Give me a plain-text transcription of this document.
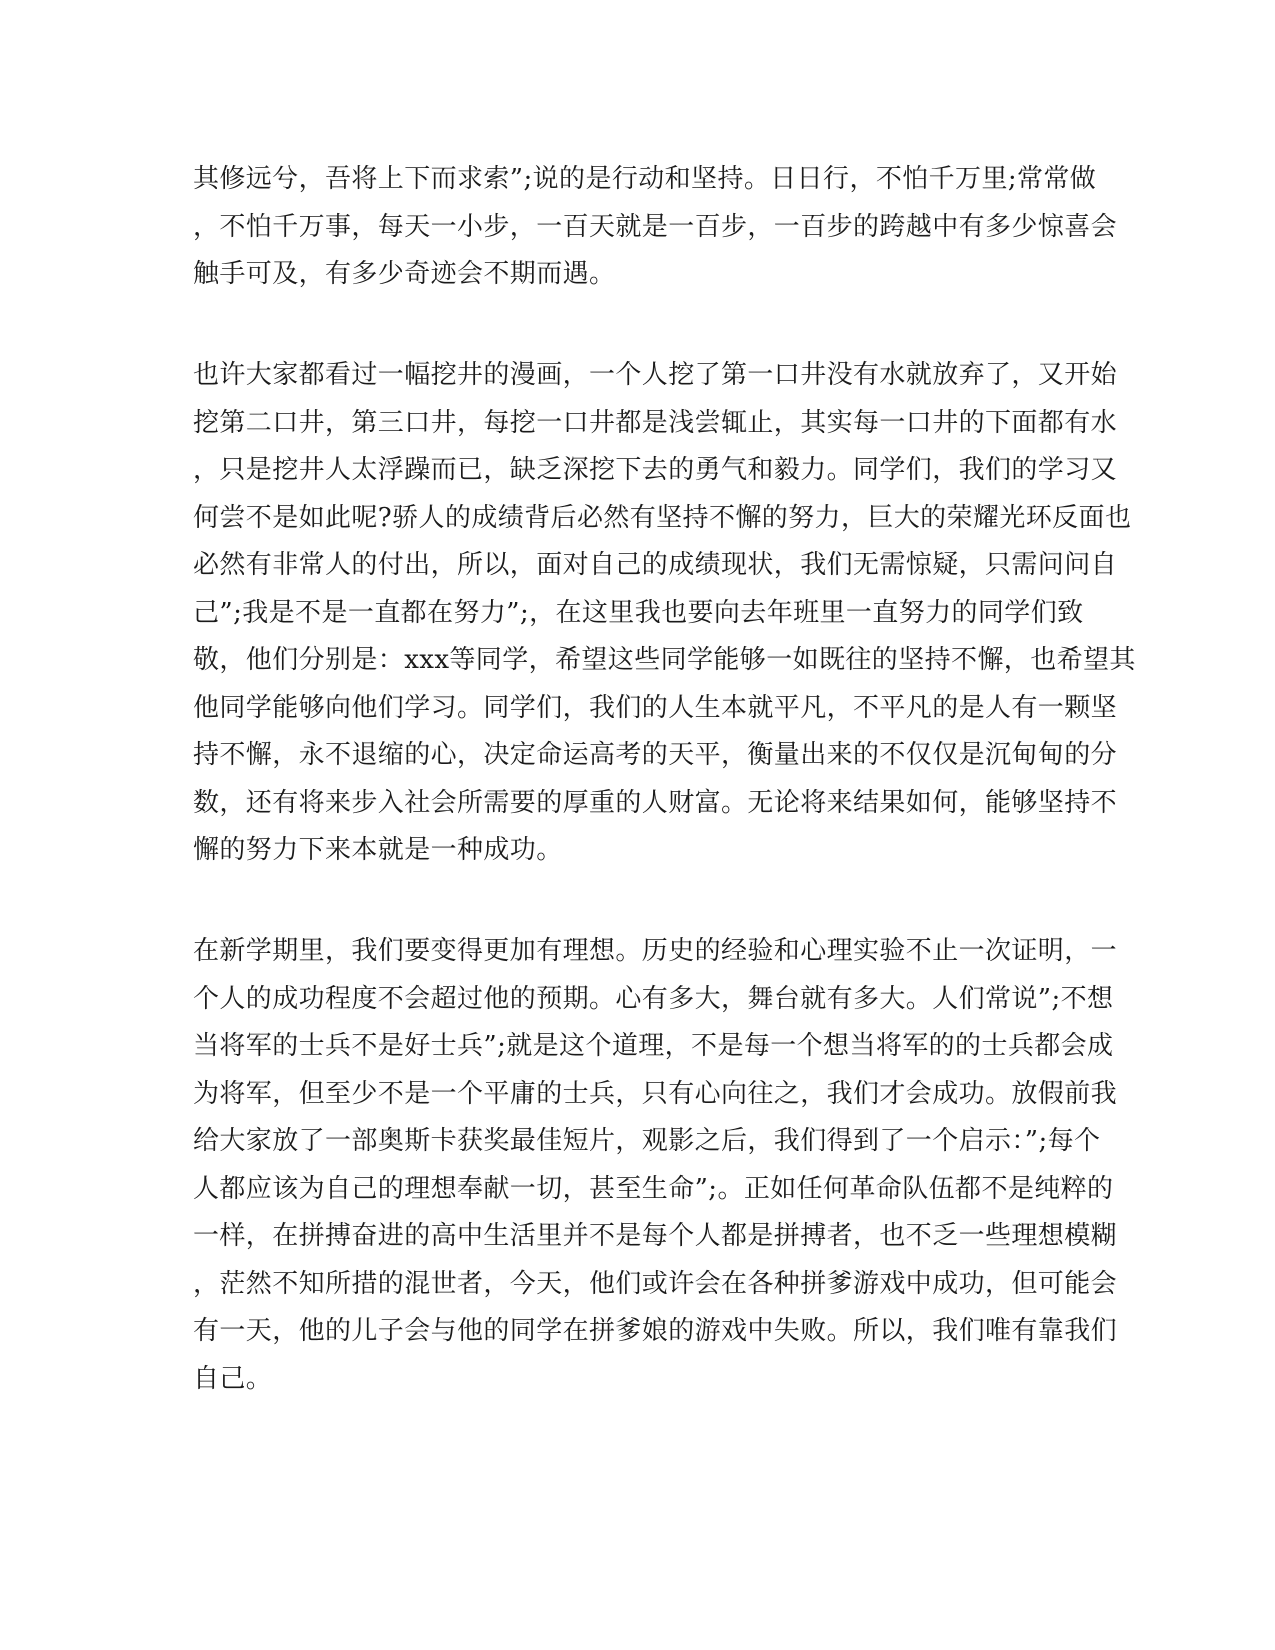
其修远兮，吾将上下而求索”;说的是行动和坚持。日日行，不怕千万里;常常做
，不怕千万事，每天一小步，一百天就是一百步，一百步的跨越中有多少惊喜会
触手可及，有多少奇迹会不期而遇。
也许大家都看过一幅挖井的漫画，一个人挖了第一口井没有水就放弃了，又开始
挖第二口井，第三口井，每挖一口井都是浅尝辄止，其实每一口井的下面都有水
，只是挖井人太浮躁而已，缺乏深挖下去的勇气和毅力。同学们，我们的学习又
何尝不是如此呢?骄人的成绩背后必然有坚持不懈的努力，巨大的荣耀光环反面也
必然有非常人的付出，所以，面对自己的成绩现状，我们无需惊疑，只需问问自
己”;我是不是一直都在努力”;，在这里我也要向去年班里一直努力的同学们致
敬，他们分别是：xxx等同学，希望这些同学能够一如既往的坚持不懈，也希望其
他同学能够向他们学习。同学们，我们的人生本就平凡，不平凡的是人有一颗坚
持不懈，永不退缩的心，决定命运高考的天平，衡量出来的不仅仅是沉甸甸的分
数，还有将来步入社会所需要的厚重的人财富。无论将来结果如何，能够坚持不
懈的努力下来本就是一种成功。
在新学期里，我们要变得更加有理想。历史的经验和心理实验不止一次证明，一
个人的成功程度不会超过他的预期。心有多大，舞台就有多大。人们常说”;不想
当将军的士兵不是好士兵”;就是这个道理，不是每一个想当将军的的士兵都会成
为将军，但至少不是一个平庸的士兵，只有心向往之，我们才会成功。放假前我
给大家放了一部奥斯卡获奖最佳短片，观影之后，我们得到了一个启示：”;每个
人都应该为自己的理想奉献一切，甚至生命”;。正如任何革命队伍都不是纯粹的
一样，在拼搏奋进的高中生活里并不是每个人都是拼搏者，也不乏一些理想模糊
，茫然不知所措的混世者，今天，他们或许会在各种拼爹游戏中成功，但可能会
有一天，他的儿子会与他的同学在拼爹娘的游戏中失败。所以，我们唯有靠我们
自己。
